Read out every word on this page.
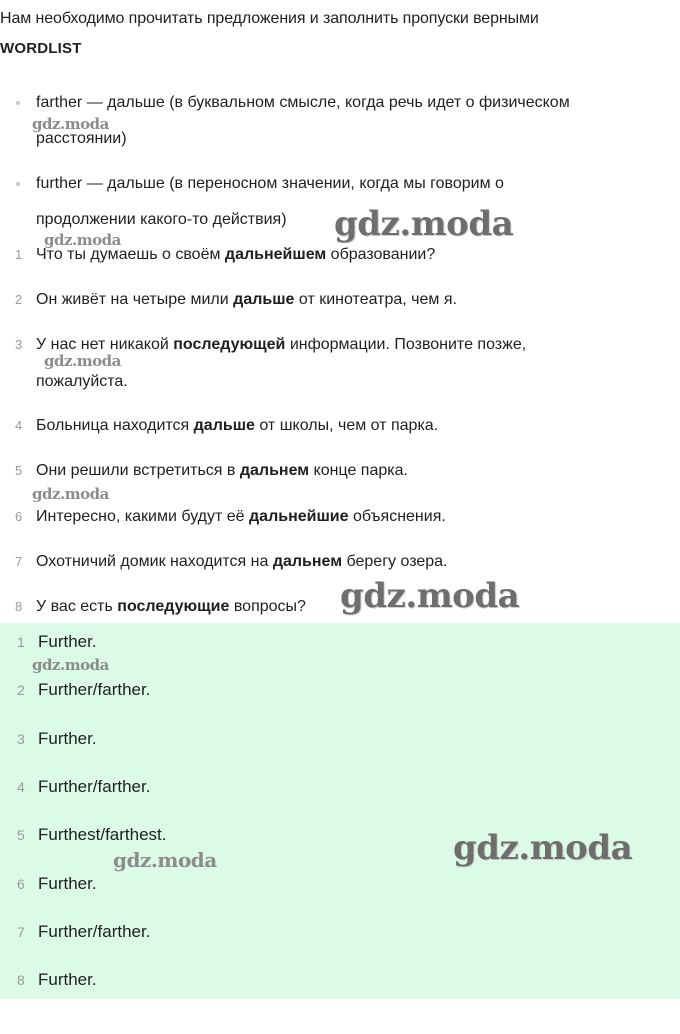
Нам необходимо прочитать предложения и заполнить пропуски верными
WORDLIST
farther — дальше (в буквальном смысле, когда речь идет о физическом
расстоянии)
further — дальше (в переносном значении, когда мы говорим о
продолжении какого-то действия)
1 Что ты думаешь о своём дальнейшем образовании?
2 Он живёт на четыре мили дальше от кинотеатра, чем я.
3 У нас нет никакой последующей информации. Позвоните позже,
пожалуйста.
4 Больница находится дальше от школы, чем от парка.
5 Они решили встретиться в дальнем конце парка.
6 Интересно, какими будут её дальнейшие объяснения.
7 Охотничий домик находится на дальнем берегу озера.
8 У вас есть последующие вопросы?
1 Further.
2 Further/farther.
3 Further.
4 Further/farther.
5 Furthest/farthest.
6 Further.
7 Further/farther.
8 Further.
gdz.moda
gdz.moda
gdz.moda
gdz.moda
gdz.moda
gdz.moda
gdz.moda
gdz.moda	gdz.moda
